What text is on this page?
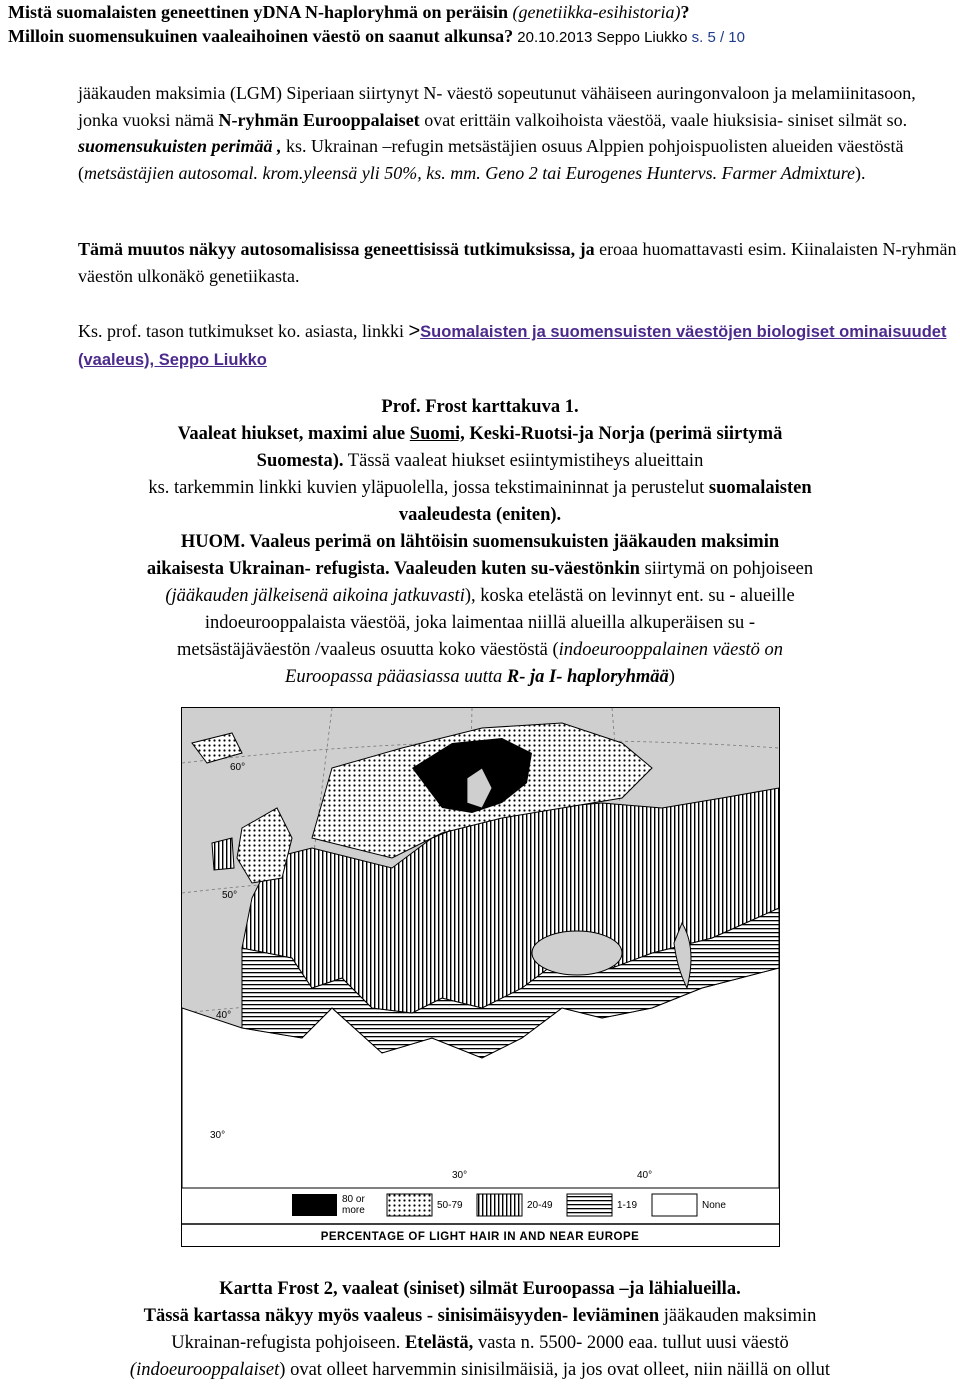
Mistä suomalaisten geneettinen yDNA N-haploryhmä on peräisin (genetiikka-esihistoria)?
Milloin suomensukuinen vaaleaihoinen väestö on saanut alkunsa? 20.10.2013 Seppo Liukko s. 5 / 10
jääkauden maksimia (LGM) Siperiaan siirtynyt N- väestö sopeutunut vähäiseen auringonvaloon ja melamiinitasoon, jonka vuoksi nämä N-ryhmän Eurooppalaiset ovat erittäin valkoihoista väestöä, vaale hiuksisia- siniset silmät so. suomensukuisten perimää , ks. Ukrainan –refugin metsästäjien osuus Alppien pohjoispuolisten alueiden väestöstä (metsästäjien autosomal. krom.yleensä yli 50%, ks. mm. Geno 2 tai Eurogenes Huntervs. Farmer Admixture).
Tämä muutos näkyy autosomalisissa geneettisissä tutkimuksissa, ja eroaa huomattavasti esim. Kiinalaisten N-ryhmän väestön ulkonäkö genetiikasta.
Ks. prof. tason tutkimukset ko. asiasta, linkki >Suomalaisten ja suomensuisten väestöjen biologiset ominaisuudet (vaaleus), Seppo Liukko
Prof. Frost karttakuva 1.
Vaaleat hiukset, maximi alue Suomi, Keski-Ruotsi-ja Norja (perimä siirtymä
Suomesta). Tässä vaaleat hiukset esiintymistiheys alueittain
ks. tarkemmin linkki kuvien yläpuolella, jossa tekstimaininnat ja perustelut suomalaisten
vaaleudesta (eniten).
HUOM. Vaaleus perimä on lähtöisin suomensukuisten jääkauden maksimin
aikaisesta Ukrainan- refugista. Vaaleuden kuten su-väestönkin siirtymä on pohjoiseen
(jääkauden jälkeisenä aikoina jatkuvasti), koska etelästä on levinnyt ent. su - alueille
indoeurooppalaista väestöä, joka laimentaa niillä alueilla alkuperäisen su -
metsästäjäväestön /vaaleus osuutta koko väestöstä (indoeurooppalainen väestö on
Euroopassa pääasiassa uutta R- ja I- haploryhmää)
60°
50°
40°
30°
30°	40°
80 or
more	50-79	20-49	1-19	None
PERCENTAGE OF LIGHT HAIR IN AND NEAR EUROPE
Kartta Frost 2, vaaleat (siniset) silmät Euroopassa –ja lähialueilla.
Tässä kartassa näkyy myös vaaleus - sinisimäisyyden- leviäminen jääkauden maksimin
Ukrainan-refugista pohjoiseen. Etelästä, vasta n. 5500- 2000 eaa. tullut uusi väestö
(indoeurooppalaiset) ovat olleet harvemmin sinisilmäisiä, ja jos ovat olleet, niin näillä on ollut
